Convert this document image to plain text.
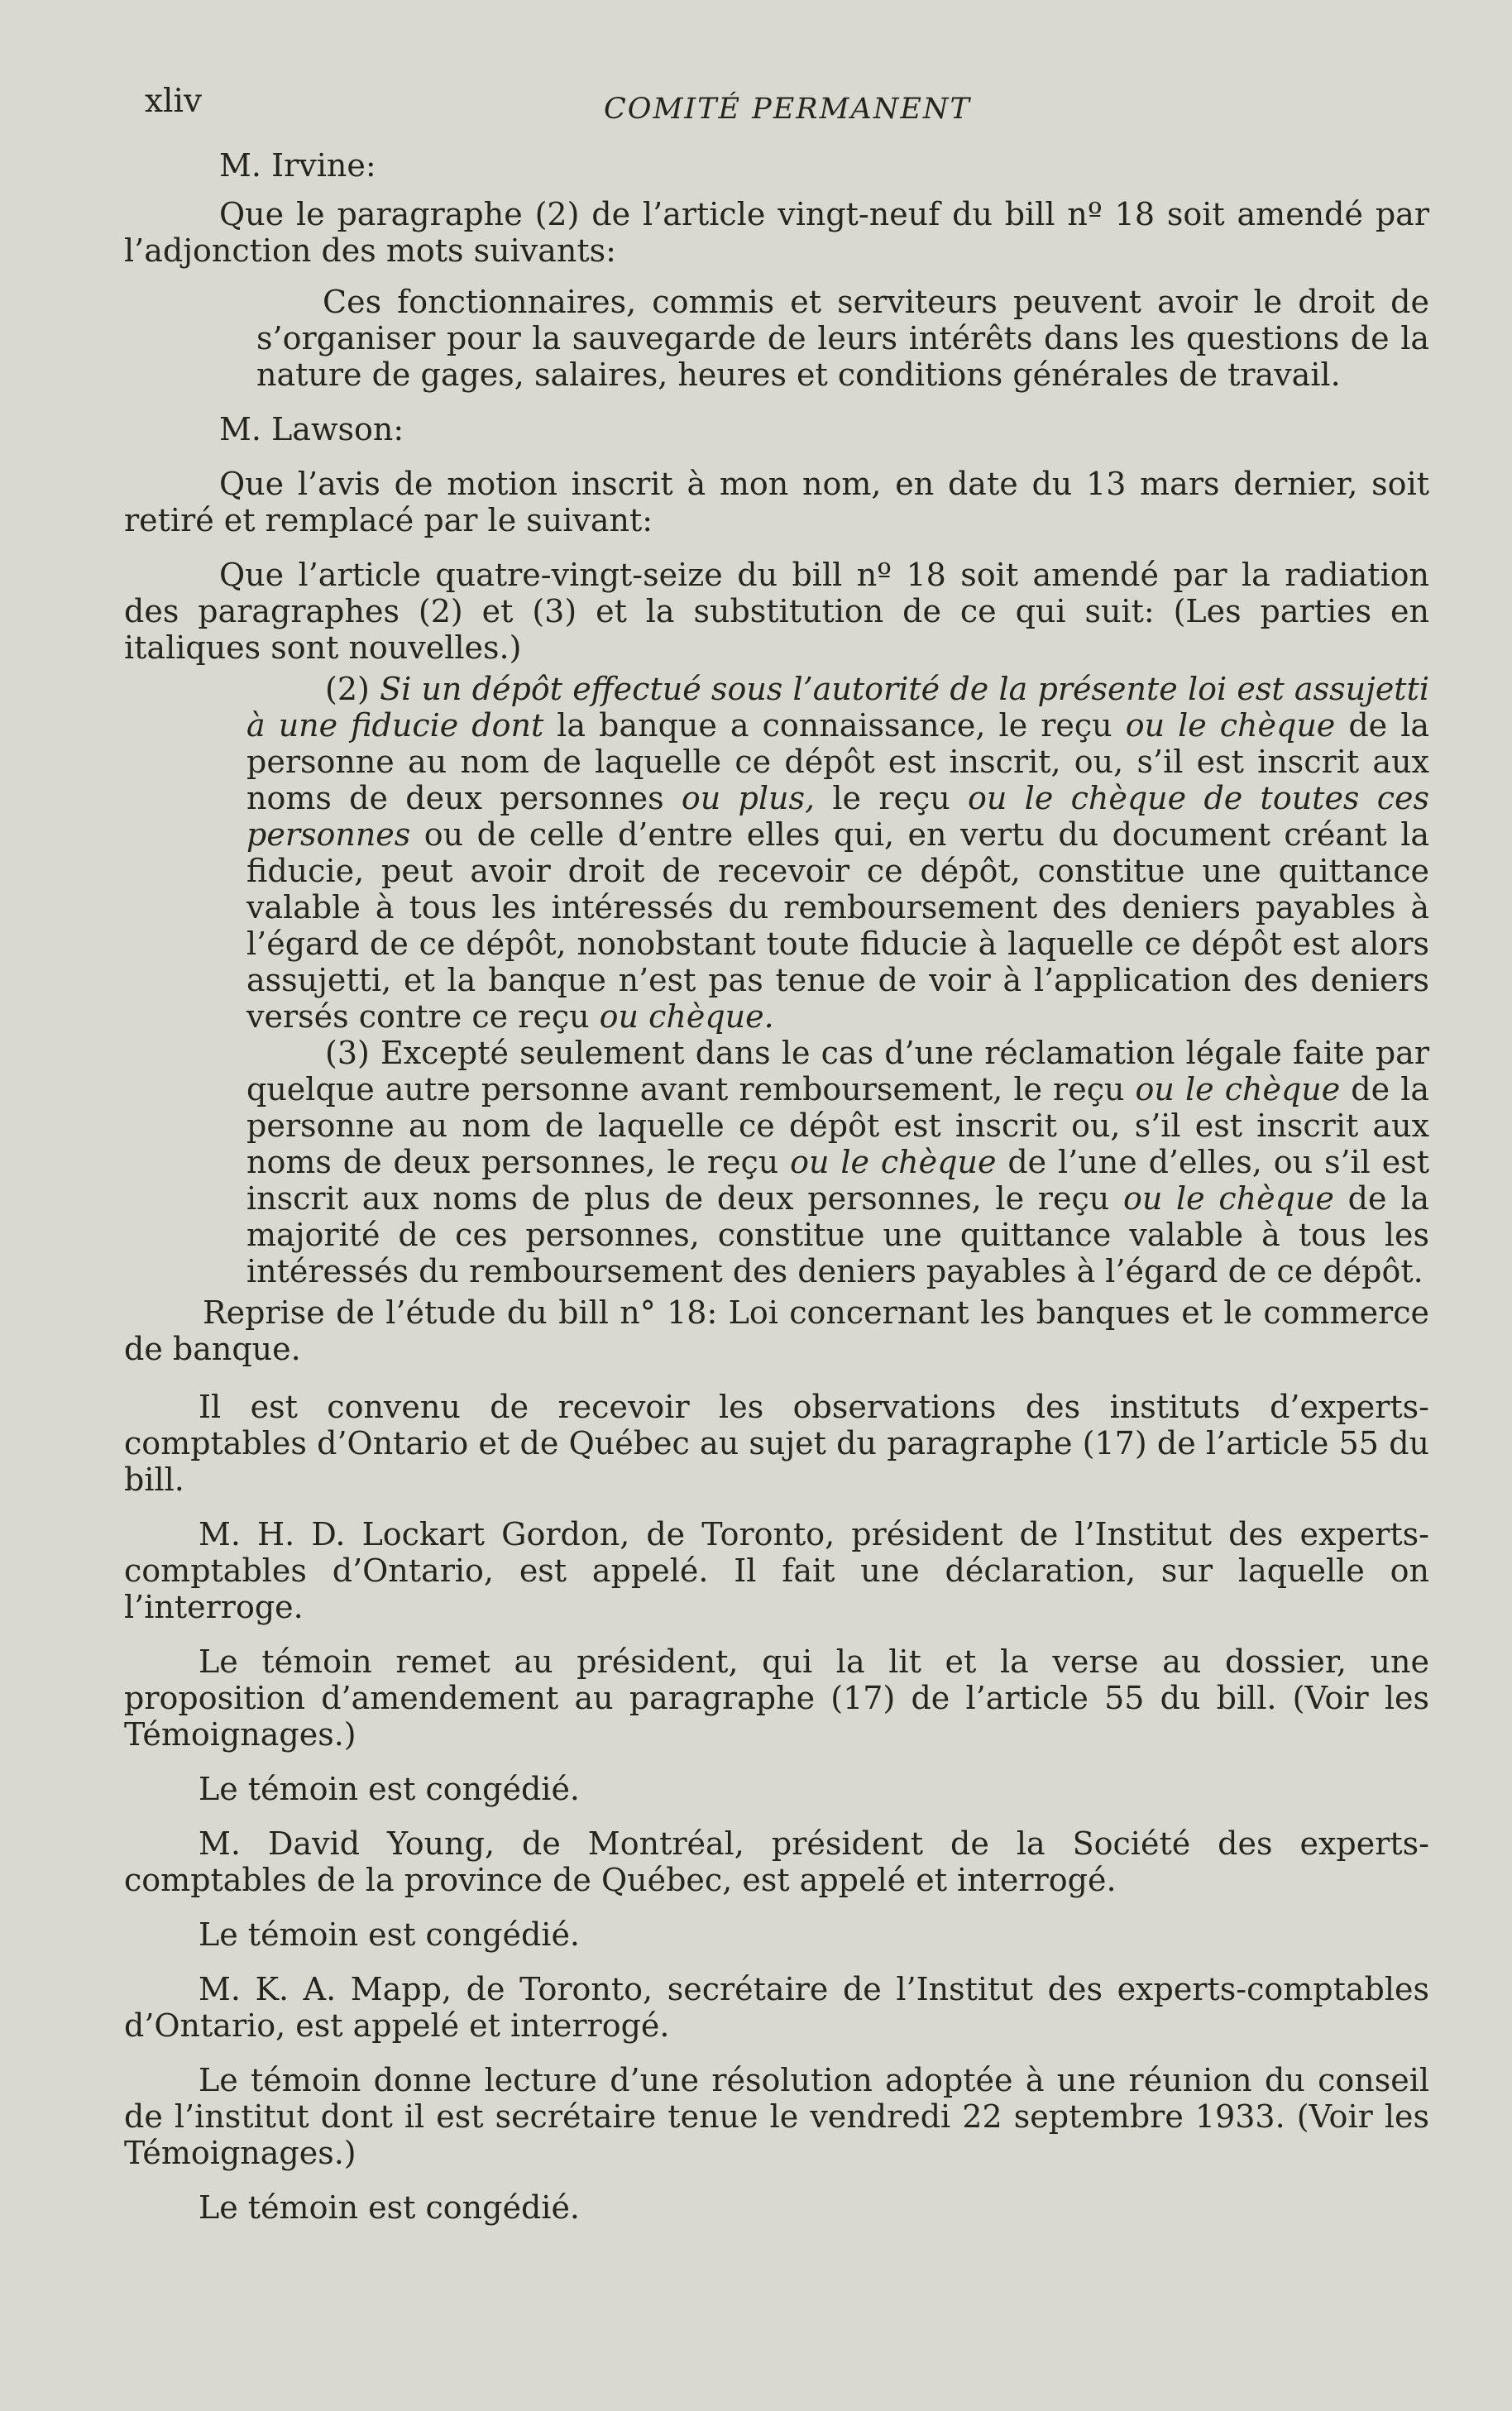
xliv	COMITÉ PERMANENT

M. Irvine:

Que le paragraphe (2) de l’article vingt-neuf du bill nº 18 soit amendé par l’adjonction des mots suivants:

Ces fonctionnaires, commis et serviteurs peuvent avoir le droit de s’organiser pour la sauvegarde de leurs intérêts dans les questions de la nature de gages, salaires, heures et conditions générales de travail.

M. Lawson:

Que l’avis de motion inscrit à mon nom, en date du 13 mars dernier, soit retiré et remplacé par le suivant:

Que l’article quatre-vingt-seize du bill nº 18 soit amendé par la radiation des paragraphes (2) et (3) et la substitution de ce qui suit: (Les parties en italiques sont nouvelles.)

(2) Si un dépôt effectué sous l’autorité de la présente loi est assujetti à une fiducie dont la banque a connaissance, le reçu ou le chèque de la personne au nom de laquelle ce dépôt est inscrit, ou, s’il est inscrit aux noms de deux personnes ou plus, le reçu ou le chèque de toutes ces personnes ou de celle d’entre elles qui, en vertu du document créant la fiducie, peut avoir droit de recevoir ce dépôt, constitue une quittance valable à tous les intéressés du remboursement des deniers payables à l’égard de ce dépôt, nonobstant toute fiducie à laquelle ce dépôt est alors assujetti, et la banque n’est pas tenue de voir à l’application des deniers versés contre ce reçu ou chèque.

(3) Excepté seulement dans le cas d’une réclamation légale faite par quelque autre personne avant remboursement, le reçu ou le chèque de la personne au nom de laquelle ce dépôt est inscrit ou, s’il est inscrit aux noms de deux personnes, le reçu ou le chèque de l’une d’elles, ou s’il est inscrit aux noms de plus de deux personnes, le reçu ou le chèque de la majorité de ces personnes, constitue une quittance valable à tous les intéressés du remboursement des deniers payables à l’égard de ce dépôt.

Reprise de l’étude du bill n° 18: Loi concernant les banques et le commerce de banque.

Il est convenu de recevoir les observations des instituts d’experts-comptables d’Ontario et de Québec au sujet du paragraphe (17) de l’article 55 du bill.

M. H. D. Lockart Gordon, de Toronto, président de l’Institut des experts-comptables d’Ontario, est appelé. Il fait une déclaration, sur laquelle on l’interroge.

Le témoin remet au président, qui la lit et la verse au dossier, une proposition d’amendement au paragraphe (17) de l’article 55 du bill. (Voir les Témoignages.)

Le témoin est congédié.

M. David Young, de Montréal, président de la Société des experts-comptables de la province de Québec, est appelé et interrogé.

Le témoin est congédié.

M. K. A. Mapp, de Toronto, secrétaire de l’Institut des experts-comptables d’Ontario, est appelé et interrogé.

Le témoin donne lecture d’une résolution adoptée à une réunion du conseil de l’institut dont il est secrétaire tenue le vendredi 22 septembre 1933. (Voir les Témoignages.)

Le témoin est congédié.
